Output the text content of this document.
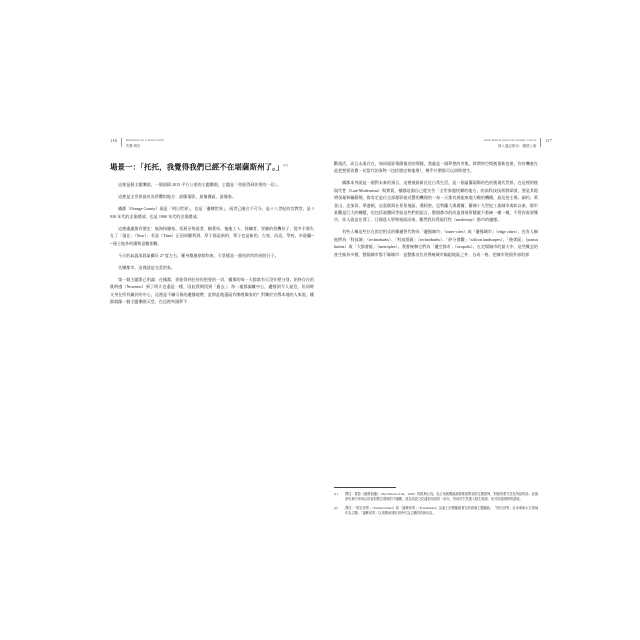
116	Variations on a Theme Park
失樂 城市
場景一：「托托，我覺得我們已經不在堪薩斯州了。」[1]

這裡是個主題樂園，一個面積 2015 平方公里的主題樂園，主題是「你能得到你要的一切」。

這裡是全世界最充為所懼的地方：最像電影、最像賽區、最像家。

橘郡（Orange County）現是「明日世界」，也是「邊鄉世界」，兩者已融合不可分，是十八世紀的宮教堂，是 1930 年代的企業總部，也是 1980 年代的企業總部。

這裡處處都有歷史：航海探險家、西班牙佈道者、騎著馬、拖地工人、採礦者、冒險的投機份子，從多半都失在了「現在」（Now）、若是（Then）正因胡騰利到，厚于都是新的、單子也是新的、古家，而這、學校、市政廳──建土地外的總和意數即數。

今天的氣溫清晨氣攝氏 27 度左右，羅身微風徐徐吹來，天堂樣是一個死的吹吹到的日子。

失樂都市，這裡就是完美的家。

第一個主題開己明義：在橘都，你能得到任何你想要的一切，橘郡的每一天都都有天沒什麼分別，始終存在的既時感（Nowness）到了明天也還是一樣，因此我期找到「過去」；每一處都偏離中心，邊緣到令人窒息，但同時又身在所有屬於的中心，這裡是不屬可偽的邊緣地帶，此時此地還區有哪裡像家的？對樂於宣傳本地的人來說，橘郡就像一個主題樂園天堂，在這裡夾國夢不

Arab Tassels from less Orange County
深入邊記都市：橘郡上冊
117

斷復活，而且永遠存在，如同電影情節描述的那樣，我處是一個夢想的市集，時間和空間被重新包裝，你有機會在此把想要消費一切當代的事物（包括歷史和地理），幾乎什麼都可以同時發生。

橘郡本身就是一個對未來的預言，這裡被最新近近日常生活，是一個虛擬現場的色的後現代世界，在這裡的後現代性（Late-Modernism）與實質，橘郡這個自己從宣告「全世界超快樂的地方」的高科技技術群眾園，要是其地增項量和驅動劑，都有定是位全部都影接近豐的機理的一每一天都有展能來地力模的機構，最及投主場。細約、黃金山、芝加哥、華盛頓，這款既與社景景地區、邁阿密、亞特蘭大與邁爾、羅城十九世紀工業城市或彰以來，都市景觀是巨大的轉變，也包括政體同等級這些們的語言，整個都市的改造發展所變做不都統一種一種，不管你需要哪市，你人就是在那了，日國達人學物迴面而來，羅然我好我現代性（modernity）都市的邊緣。

有些人稱這些位在固定相式的鄰邊替代物為「邊國城市」（outer-cites）或「邊緣城市」（edge cities），也有人稱他們為「科技城」（technoburbs）、「科技園區」（technoburbs）、「矽分發觀」（silicon landscapes）、「後郊區」（postsuburbia）或「大都會區」（metroplex）。我會統稱它們為「邊空都市」（exopolis）。在定場城市的最大中，這些概念的產生極為多樣，整個城市都不像城市：是整都由位於傳統城市幅組地區之外、自成一格、把城市裡面外部的郊

[1]	譯註：電影《綠野仙蹤》（The Wizard of Oz，1939）的經典台詞。為主角桃樂絲被龍捲風帶至陌生國度時，對她的愛犬托托所說的話。此後該句被引申用以形容對陌生環境的不適應，成為英語文化通俗用語的一部分。常用於乍然進入陌生環境、形式的超現實的語境。
[2]	譯註：「明日世界」（Tomorrowland）和「邊鄉世界」（Frontierland）為迪士尼樂園最著名的兩個主題園區。「明日世界」以未來與太空領域作為主題；「邊鄉世界」以美國西部拓荒時代為主題的設施內容。
